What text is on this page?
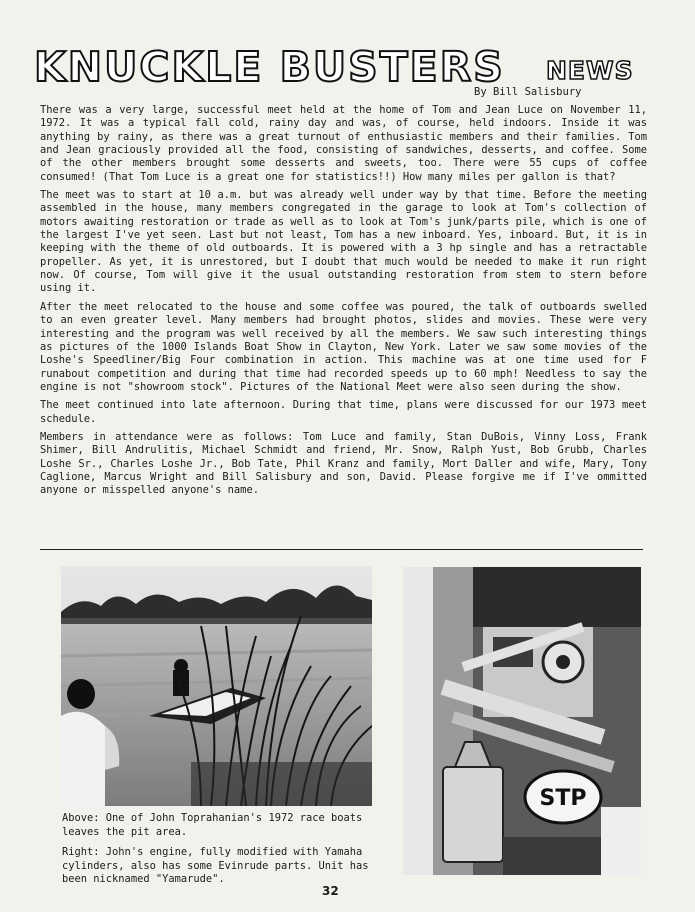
KNUCKLE BUSTERS NEWS
By Bill Salisbury

There was a very large, successful meet held at the home of Tom and Jean Luce on November 11, 1972. It was a typical fall cold, rainy day and was, of course, held indoors. Inside it was anything by rainy, as there was a great turnout of enthusiastic members and their families. Tom and Jean graciously provided all the food, consisting of sandwiches, desserts, and coffee. Some of the other members brought some desserts and sweets, too. There were 55 cups of coffee consumed! (That Tom Luce is a great one for statistics!!) How many miles per gallon is that?

The meet was to start at 10 a.m. but was already well under way by that time. Before the meeting assembled in the house, many members congregated in the garage to look at Tom's collection of motors awaiting restoration or trade as well as to look at Tom's junk/parts pile, which is one of the largest I've yet seen. Last but not least, Tom has a new inboard. Yes, inboard. But, it is in keeping with the theme of old outboards. It is powered with a 3 hp single and has a retractable propeller. As yet, it is unrestored, but I doubt that much would be needed to make it run right now. Of course, Tom will give it the usual outstanding restoration from stem to stern before using it.

After the meet relocated to the house and some coffee was poured, the talk of outboards swelled to an even greater level. Many members had brought photos, slides and movies. These were very interesting and the program was well received by all the members. We saw such interesting things as pictures of the 1000 Islands Boat Show in Clayton, New York. Later we saw some movies of the Loshe's Speedliner/Big Four combination in action. This machine was at one time used for F runabout competition and during that time had recorded speeds up to 60 mph! Needless to say the engine is not "showroom stock". Pictures of the National Meet were also seen during the show.

The meet continued into late afternoon. During that time, plans were discussed for our 1973 meet schedule.

Members in attendance were as follows: Tom Luce and family, Stan DuBois, Vinny Loss, Frank Shimer, Bill Andrulitis, Michael Schmidt and friend, Mr. Snow, Ralph Yust, Bob Grubb, Charles Loshe Sr., Charles Loshe Jr., Bob Tate, Phil Kranz and family, Mort Daller and wife, Mary, Tony Caglione, Marcus Wright and Bill Salisbury and son, David. Please forgive me if I've ommitted anyone or misspelled anyone's name.

STP
Above: One of John Toprahanian's 1972 race boats leaves the pit area.
Right: John's engine, fully modified with Yamaha cylinders, also has some Evinrude parts. Unit has been nicknamed "Yamarude".
32
